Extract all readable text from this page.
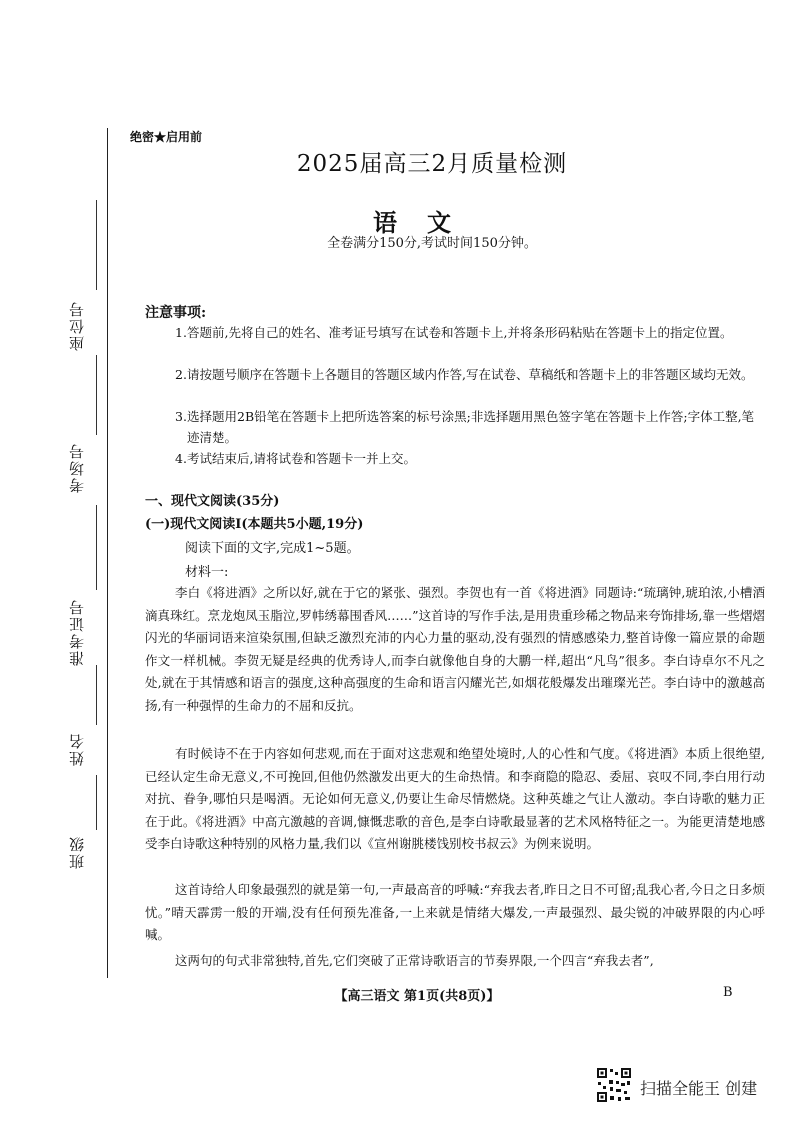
座位号
考场号
准考证号
姓名
班级
绝密★启用前
2025届高三2月质量检测
语文
全卷满分150分,考试时间150分钟。
注意事项:
1. 答题前,先将自己的姓名、准考证号填写在试卷和答题卡上,并将条形码粘贴在答题卡上的指定位置。
2. 请按题号顺序在答题卡上各题目的答题区域内作答,写在试卷、草稿纸和答题卡上的非答题区域均无效。
3. 选择题用2B铅笔在答题卡上把所选答案的标号涂黑;非选择题用黑色签字笔在答题卡上作答;字体工整,笔迹清楚。
4. 考试结束后,请将试卷和答题卡一并上交。
一、现代文阅读(35分)
(一)现代文阅读Ⅰ(本题共5小题,19分)
阅读下面的文字,完成1~5题。
材料一:
李白《将进酒》之所以好,就在于它的紧张、强烈。李贺也有一首《将进酒》同题诗:“琉璃钟,琥珀浓,小槽酒滴真珠红。烹龙炮凤玉脂泣,罗帏绣幕围香风……”这首诗的写作手法,是用贵重珍稀之物品来夸饰排场,靠一些熠熠闪光的华丽词语来渲染氛围,但缺乏激烈充沛的内心力量的驱动,没有强烈的情感感染力,整首诗像一篇应景的命题作文一样机械。李贺无疑是经典的优秀诗人,而李白就像他自身的大鹏一样,超出“凡鸟”很多。李白诗卓尔不凡之处,就在于其情感和语言的强度,这种高强度的生命和语言闪耀光芒,如烟花般爆发出璀璨光芒。李白诗中的激越高扬,有一种强悍的生命力的不屈和反抗。
有时候诗不在于内容如何悲观,而在于面对这悲观和绝望处境时,人的心性和气度。《将进酒》本质上很绝望,已经认定生命无意义,不可挽回,但他仍然激发出更大的生命热情。和李商隐的隐忍、委屈、哀叹不同,李白用行动对抗、眷争,哪怕只是喝酒。无论如何无意义,仍要让生命尽情燃烧。这种英雄之气让人激动。李白诗歌的魅力正在于此。《将进酒》中高亢激越的音调,慷慨悲歌的音色,是李白诗歌最显著的艺术风格特征之一。为能更清楚地感受李白诗歌这种特别的风格力量,我们以《宣州谢朓楼饯别校书叔云》为例来说明。
这首诗给人印象最强烈的就是第一句,一声最高音的呼喊:“弃我去者,昨日之日不可留;乱我心者,今日之日多烦忧。”晴天霹雳一般的开端,没有任何预先准备,一上来就是情绪大爆发,一声最强烈、最尖锐的冲破界限的内心呼喊。
这两句的句式非常独特,首先,它们突破了正常诗歌语言的节奏界限,一个四言“弃我去者”,
【高三语文 第1页(共8页)】	B
扫描全能王 创建
